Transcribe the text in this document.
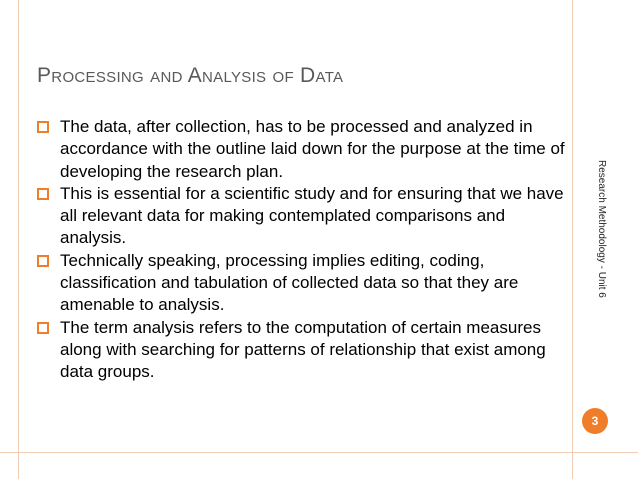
Processing and Analysis of Data
The data, after collection, has to be processed and analyzed in accordance with the outline laid down for the purpose at the time of developing the research plan.
This is essential for a scientific study and for ensuring that we have all relevant data for making contemplated comparisons and analysis.
Technically speaking, processing implies editing, coding, classification and tabulation of collected data so that they are amenable to analysis.
The term analysis refers to the computation of certain measures along with searching for patterns of relationship that exist among data groups.
Research Methodology - Unit 6
3
